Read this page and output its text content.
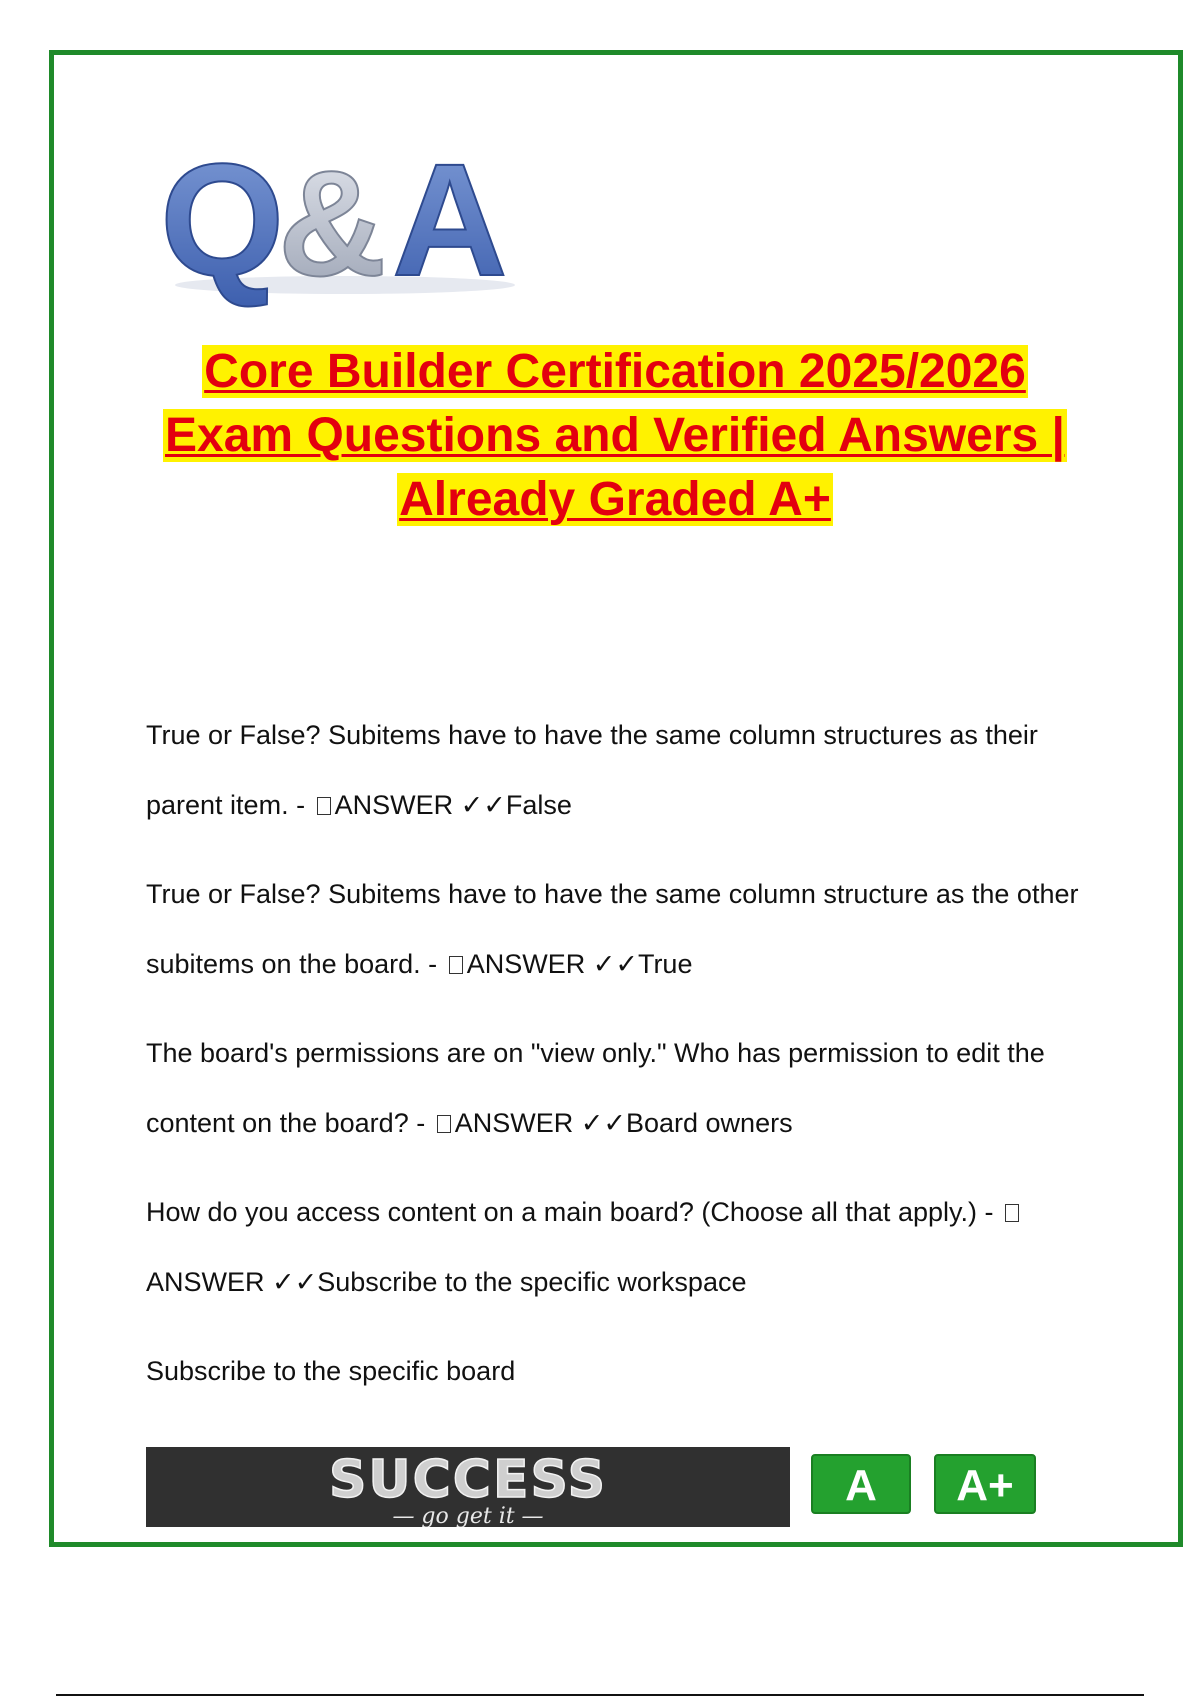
Q
& A
Core Builder Certification 2025/2026
Exam Questions and Verified Answers |
Already Graded A+

True or False? Subitems have to have the same column structures as their parent item. - ANSWER ✓✓False

True or False? Subitems have to have the same column structure as the other subitems on the board. - ANSWER ✓✓True

The board's permissions are on "view only." Who has permission to edit the content on the board? - ANSWER ✓✓Board owners

How do you access content on a main board? (Choose all that apply.) -
ANSWER ✓✓Subscribe to the specific workspace

Subscribe to the specific board

SUCCESS
— go get it —
A	A+
